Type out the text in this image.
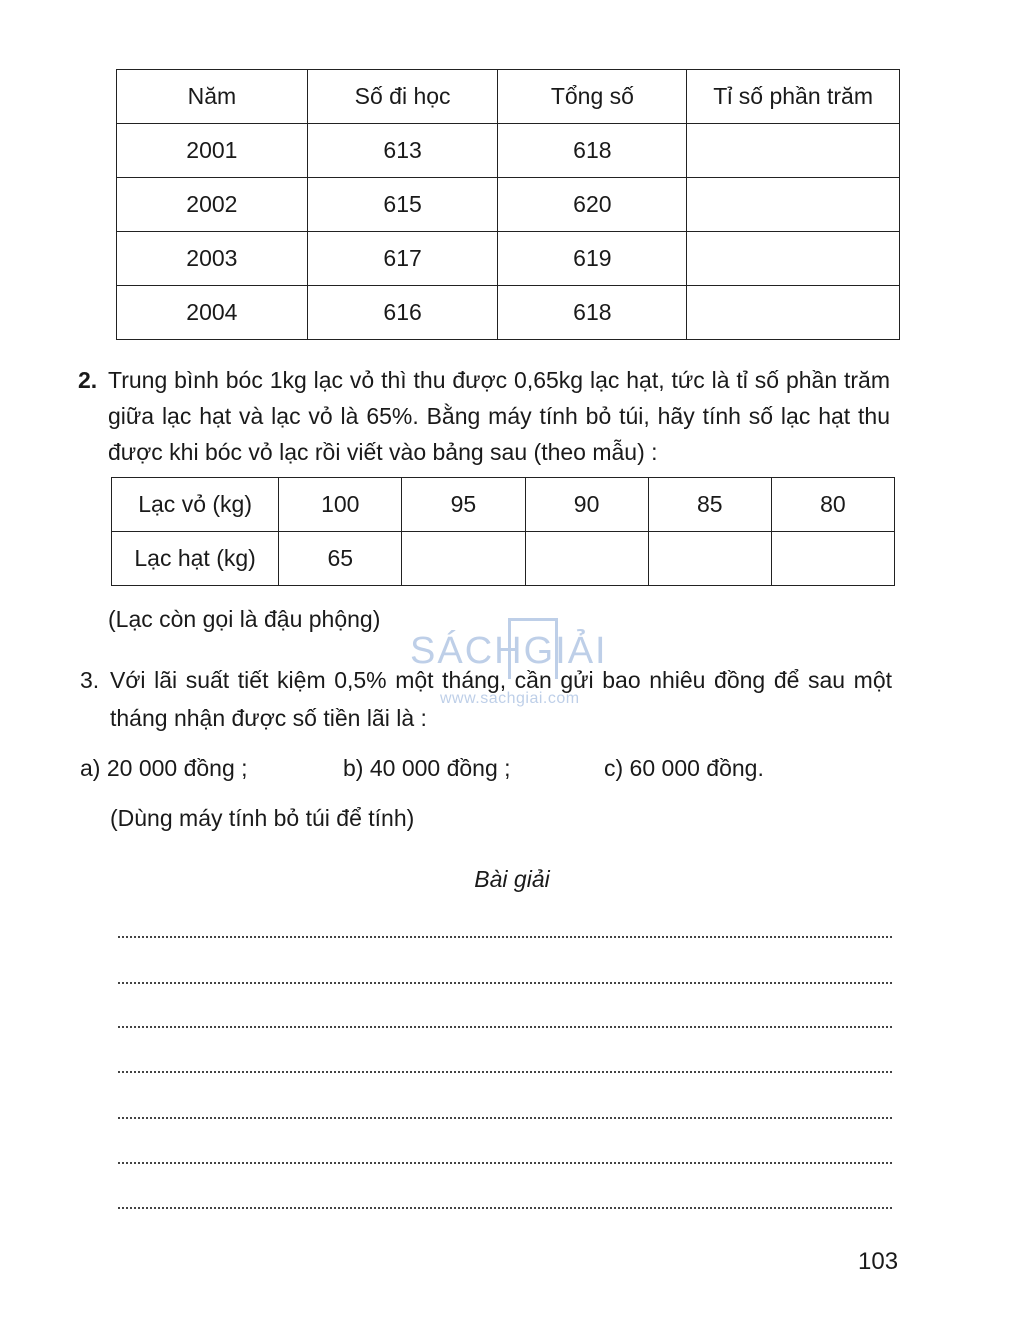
Năm	Số đi học	Tổng số	Tỉ số phần trăm
2001	613	618	
2002	615	620	
2003	617	619	
2004	616	618	
2. Trung bình bóc 1kg lạc vỏ thì thu được 0,65kg lạc hạt, tức là tỉ số phần trăm
giữa lạc hạt và lạc vỏ là 65%. Bằng máy tính bỏ túi, hãy tính số lạc hạt thu
được khi bóc vỏ lạc rồi viết vào bảng sau (theo mẫu) :
Lạc vỏ (kg)	100	95	90	85	80
Lạc hạt (kg)	65				
(Lạc còn gọi là đậu phộng)
SÁCHGIẢI
www.sachgiai.com
3. Với lãi suất tiết kiệm 0,5% một tháng, cần gửi bao nhiêu đồng để sau một
tháng nhận được số tiền lãi là :
a) 20 000 đồng ;	b) 40 000 đồng ;	c) 60 000 đồng.
(Dùng máy tính bỏ túi để tính)
Bài giải
103
